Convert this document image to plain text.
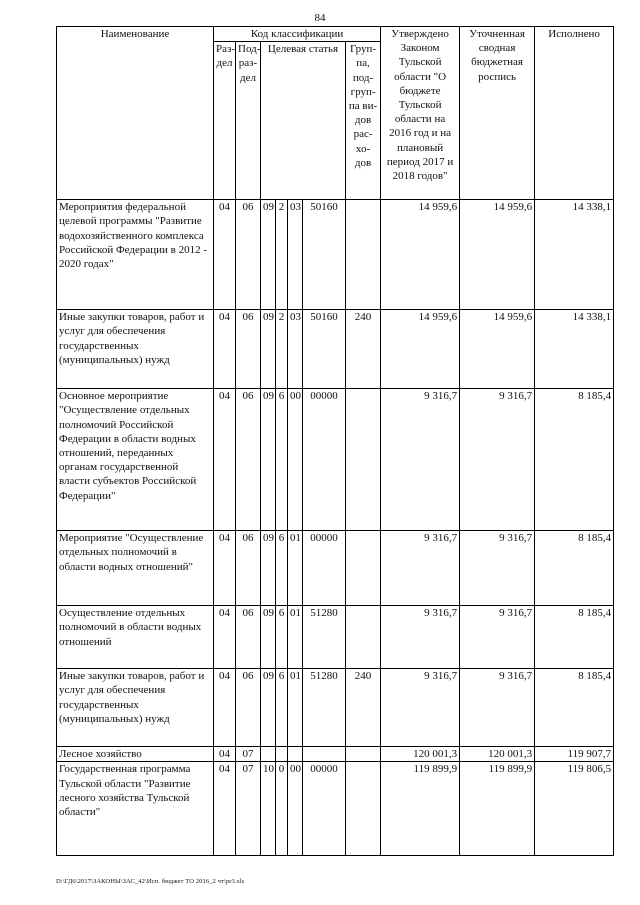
84
Наименование	Код классификации							Утверждено Законом Тульской области "О бюджете Тульской области на 2016 год и на плановый период 2017 и 2018 годов"	Уточненная сводная бюджетная роспись	Исполнено
	Раз-дел	Под-раз-дел	Целевая статья				Груп-па, под-груп-па ви-дов рас-хо-дов			
Мероприятия федеральной целевой программы "Развитие водохозяйственного комплекса Российской Федерации в 2012 - 2020 годах"	04	06	09	2	03	50160		14 959,6	14 959,6	14 338,1
Иные закупки товаров, работ и услуг для обеспечения государственных (муниципальных) нужд	04	06	09	2	03	50160	240	14 959,6	14 959,6	14 338,1
Основное мероприятие "Осуществление отдельных полномочий Российской Федерации в области водных отношений, переданных органам государственной власти субъектов Российской Федерации"	04	06	09	6	00	00000		9 316,7	9 316,7	8 185,4
Мероприятие "Осуществление отдельных полномочий в области водных отношений"	04	06	09	6	01	00000		9 316,7	9 316,7	8 185,4
Осуществление отдельных полномочий в области водных отношений	04	06	09	6	01	51280		9 316,7	9 316,7	8 185,4
Иные закупки товаров, работ и услуг для обеспечения государственных (муниципальных) нужд	04	06	09	6	01	51280	240	9 316,7	9 316,7	8 185,4
Лесное хозяйство	04	07						120 001,3	120 001,3	119 907,7
Государственная программа Тульской области "Развитие лесного хозяйства Тульской области"	04	07	10	0	00	00000		119 899,9	119 899,9	119 806,5
D:\ГД6\2017\ЗАКОНЫ\ЗАС_42\Исп. бюджет ТО 2016_2 чт\pr3.xls
